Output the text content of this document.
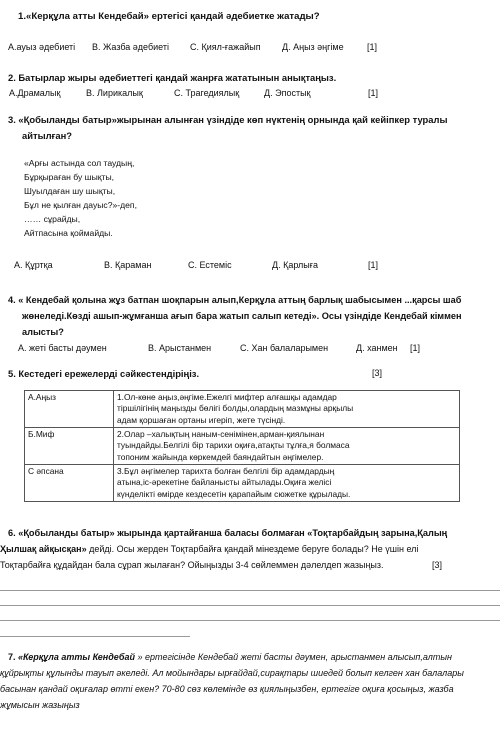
1.«Керқұла атты Кендебай» ертегісі қандай әдебиетке жатады?
А.ауыз әдебиеті В. Жазба әдебиеті С. Қиял-ғажайып Д. Аңыз әңгіме	[1]
2. Батырлар жыры әдебиеттегі қандай жанрға жататынын анықтаңыз.
А.Драмалық	В. Лирикалық	С. Трагедиялық	Д. Эпостық	[1]
3. «Қобыланды батыр»жырынан алынған үзіндіде көп нүктенің орнында қай кейіпкер туралы
айтылған?
«Арғы астында сол таудың,
Бұрқыраған бу шықты,
Шуылдаған шу шықты,
Бұл не қылған дауыс?»-деп,
…… сұрайды,
Айтпасына қоймайды.
А. Құртқа	В. Қараман	С. Естеміс	Д. Қарлыға	[1]
4. « Кендебай қолына жұз батпан шоқпарын алып,Керқұла аттың барлық шабысымен ...қарсы шаб
жөнеледі.Көзді ашып-жұмғанша ағып бара жатып салып кетеді». Осы үзіндіде Кендебай кіммен
алысты?
А. жеті басты дәумен	В. Арыстанмен	С. Хан балаларымен	Д. ханмен [1]
5. Кестедегі ережелерді сәйкестендіріңіз.	[3]
А.Аңыз	1.Ол-көне аңыз,әңгіме.Ежелгі мифтер алғашқы адамдар
тіршілігінің маңызды бөлігі болды,олардың мазмұны арқылы
адам қоршаған ортаны игеріп, жете түсінді.

Б.Миф	2.Олар –халықтың наным-сенімінен,арман-қиялынан
туындайды.Белгілі бір тарихи оқиға,атақты тұлға,я болмаса
топоним жайында көркемдей баяндайтын әңгімелер.

С әпсана	3.Бұл әңгімелер тарихта болған белгілі бір адамдардың
атына,іс-әрекетіне байланысты айтылады.Оқиға желісі
күнделікті өмірде кездесетін қарапайым сюжетке құрылады.
6. «Қобыланды батыр» жырында қартайғанша баласы болмаған «Тоқтарбайдың зарына,Қалың
Ҳылшақ айқысқан» дейді. Осы жерден Тоқтарбайға қандай мінездеме беруге болады? Не үшін елі
Тоқтарбайға құдайдан бала сұрап жылаған? Ойыңызды 3-4 сөйлеммен дәлелдеп жазыңыз.	[3]
7. «Керқұла атты Кендебай » ертегісінде Кендебай жеті басты дәумен, арыстанмен алысып,алтын
құйрықты құлынды тауып әкеледі. Ал мойындары ырғайдай,сирақтары шиедей болып келген хан балалары
басынан қандай оқиғалар өтті екен? 70-80 сөз көлемінде өз қиялыңызбен, ертегіге оқиға қосыңыз, жазба
жұмысын жазыңыз
